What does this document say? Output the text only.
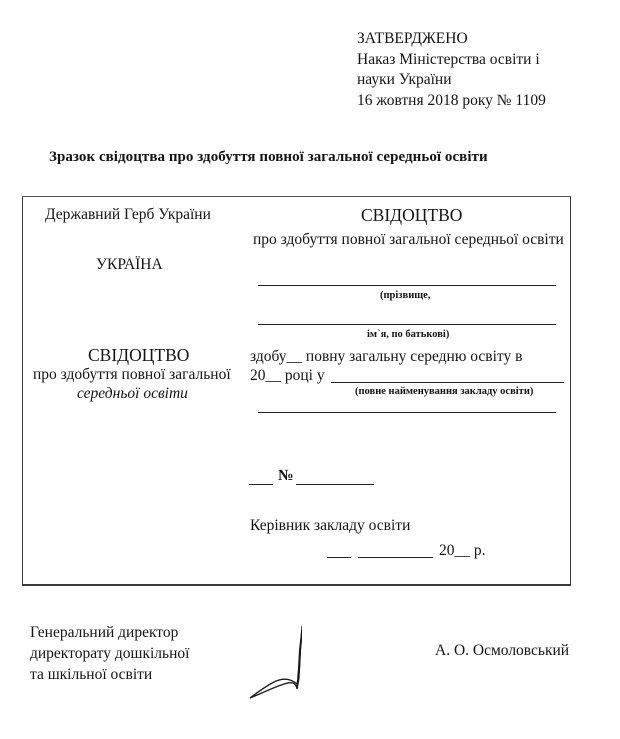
ЗАТВЕРДЖЕНО
Наказ Міністерства освіти і
науки України
16 жовтня 2018 року № 1109
Зразок свідоцтва про здобуття повної загальної середньої освіти
Державний Герб України
УКРАЇНА
СВІДОЦТВО
про здобуття повної загальної
середньої освіти
СВІДОЦТВО
про здобуття повної загальної середньої освіти
(прізвище,
ім`я, по батькові)
здобу__ повну загальну середню освіту в
20__ році у
(повне найменування закладу освіти)
№
Керівник закладу освіти
20__ р.
Генеральний директор
директорату дошкільної
та шкільної освіти
А. О. Осмоловський
